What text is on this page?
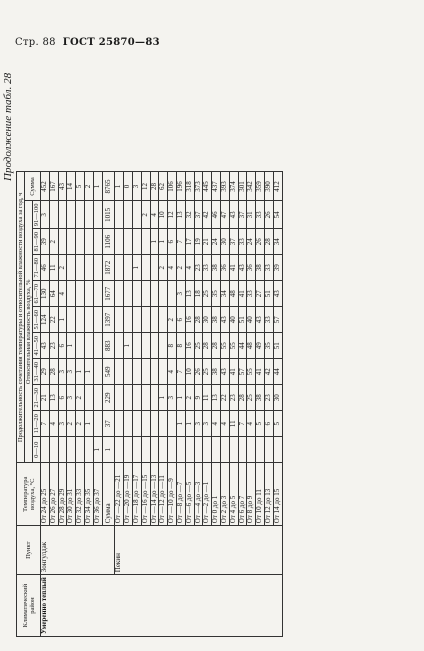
Стр. 88 ГОСТ 25870—83
Продолжение табл. 28
Климатический район	Пункт	Температура воздуха, °С	Продолжительность сочетания температуры и относительной влажности воздуха за год, ч										
			Относительная влажность воздуха, %										Сумма
			0—10	11—20	21—30	31—40	41—50	51—60	61—70	71—80	81—90	91—100	
Умеренно теплый	Зонгулдак	От 24 до 25		7	21	29	43	124	130	46	39	3	452
		От 26 до 27		4	13	28	23	22	64	11	2		167
		От 28 до 29		3	6	3	6	1	4	2			43
		От 30 до 31		2	3	3	1						14
		От 32 до 33		2	2	1							5
		От 34 до 35		1		1							2
		От 36 до 37	1										1
		Сумма	1	37	229	549	883	1397	1677	1872	1106	1015	8765
	Пекин	От —22 до —21											1
		От —20 до —19					1						0
		От —18 до —17								1			3
		От —16 до —15										2	12
		От —14 до —13									1	4	28
		От —12 до —11			1					2	1	10	62
		От —10 до —9			3	4	8	2		4	6	12	106
		От —8 до —7		1	1	7	8	6	3	2	7	13	196
		От —6 до —5		1	2	10	16	16	13	4	17	32	318
		От —4 до —3		3	9	26	25	28	18	23	19	37	373
		От —2 до —1		3	11	25	28	30	25	33	21	42	445
		От 0 до 1		4	13	38	28	38	35	38	24	46	437
		От 2 до 3		4	22	43	55	43	34	36	30	47	393
		От 4 до 5		11	23	41	55	40	48	41	37	43	374
		От 6 до 7		7	28	57	44	51	41	43	33	37	301
		От 8 до 9		4	25	55	48	40	33	36	24	31	342
		От 10 до 11		5	38	41	49	43	27	38	26	33	359
		От 12 до 13		6	23	42	35	33	51	33	28	26	390
		От 14 до 15		5	30	44	51	57	43	39	34	54	412
